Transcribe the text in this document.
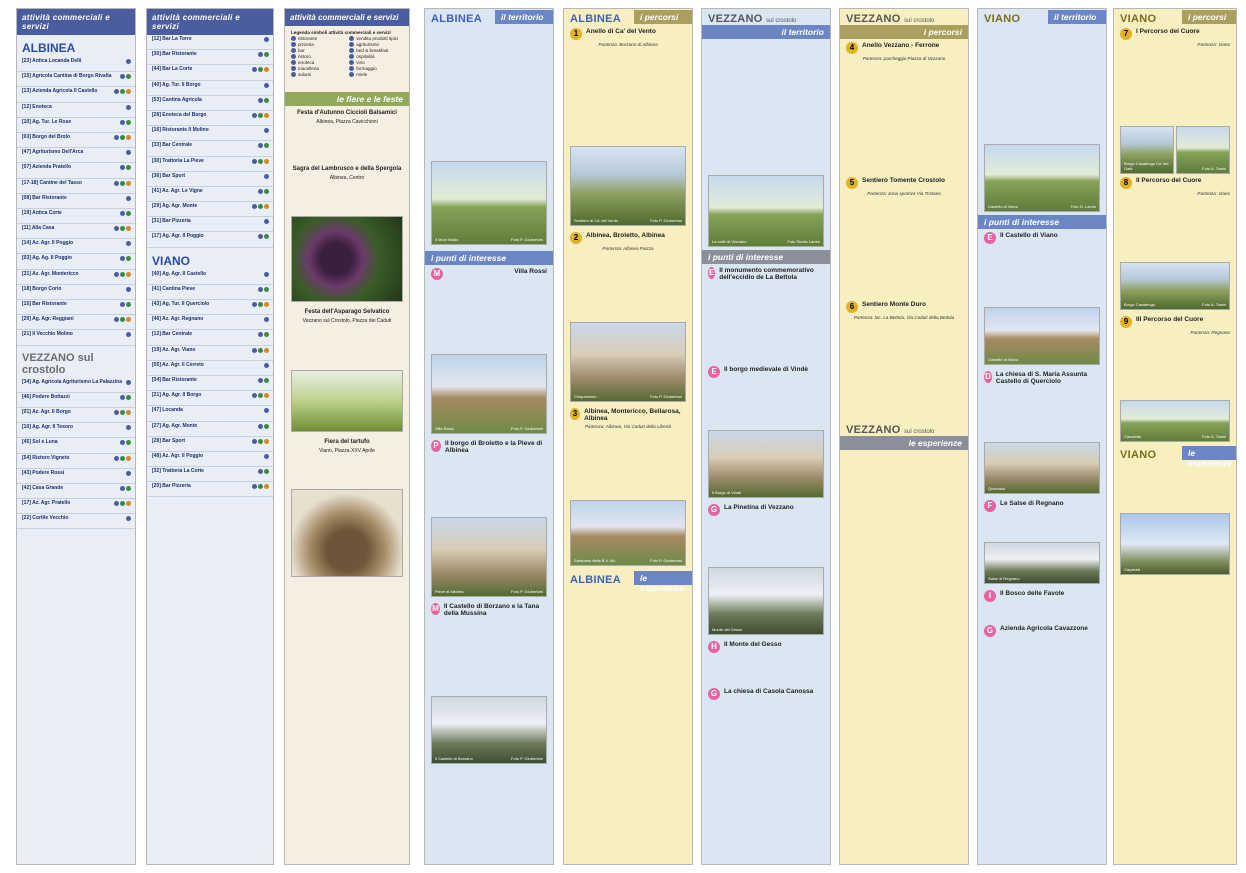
attività commerciali e servizi
ALBINEA
[23] Antica Locanda Delli

[15] Agricola Cantina di Borgo Rivalta

[13] Azienda Agricola Il Castello

[12] Enoteca

[10] Ag. Tur. Le Rose

[03] Borgo del Brolo

[47] Agriturismo Dell'Arca

[07] Azienda Pratello

[17-18] Cantine del Tasso

[08] Bar Ristorante

[19] Antica Corte

[11] Alla Casa

[14] Az. Agr. Il Poggio

[03] Ag. Ag. Il Poggio

[31] Az. Agr. Montericco

[18] Borgo Corio

[15] Bar Ristorante

[20] Ag. Agr. Reggiani

[21] Il Vecchio Molino

VEZZANO sul crostolo
[34] Ag. Agricola Agriturismo La Palazzina

[46] Podere Bottazzi

[01] Az. Agr. Il Borgo

[10] Ag. Agr. Il Tesoro

[45] Sol e Luna

[54] Ristoro Vigneto

[43] Podere Rossi

[42] Casa Grande

[17] Az. Agr. Pratello

[22] Cortile Vecchio

attività commerciali e servizi
[12] Bar La Torre

[30] Bar Ristorante

[44] Bar La Corte

[40] Ag. Tur. Il Borgo

[53] Cantina Agricola

[28] Enoteca del Borgo

[16] Ristorante Il Molino

[33] Bar Centrale

[30] Trattoria La Pieve

[36] Bar Sport

[41] Az. Agr. Le Vigne

[29] Ag. Agr. Monte

[31] Bar Pizzeria

[17] Ag. Agr. Il Poggio

VIANO
[40] Ag. Agr. Il Castello

[41] Cantina Pieve

[43] Ag. Tur. Il Querciolo

[46] Az. Agr. Regnano

[12] Bar Centrale

[19] Az. Agr. Viano

[05] Az. Agr. Il Cerreto

[34] Bar Ristorante

[21] Ag. Agr. Il Borgo

[47] Locanda

[27] Ag. Agr. Monte

[28] Bar Sport

[48] Az. Agr. Il Poggio

[32] Trattoria La Corte

[20] Bar Pizzeria

attività commerciali e servizi
Legenda simboli attività commerciali e servizi
ristorante	vendita prodotti tipici
pizzeria	agriturismo
bar	bed & breakfast
ristoro	ospitalità
enoteca	vino
macelleria	formaggio
salumi	miele

le fiere e le feste
Festa d'Autunno Ciccioli Balsamici
Albinea, Piazza Cavicchioni

Sagra del Lambrusco e della Spergola
Albinea, Centro

Festa dell'Asparago Selvatico
Vezzano sul Crostolo, Piazza dei Caduti

Fiera del tartufo
Viano, Piazza XXV Aprile

ALBINEA	il territorio

Il Mont Baldo	Foto P. Giubertoni
i punti di interesse
M	Villa Rossi

Villa Rossi	Foto P. Giubertoni
P Il borgo di Broletto e la Pieve di Albinea

Pieve di Albinea	Foto P. Giubertoni
M Il Castello di Borzano e la Tana della Mussina

Il Castello di Borzano	Foto P. Giubertoni
ALBINEA	i percorsi
1	Anello di Ca' del Vento
Partenza: Borzano di Albinea

Sentiero di Ca' del Vento	Foto P. Giubertoni
2	Albinea, Broletto, Albinea
Partenza: Albinea Piazza

Cinquecento	Foto P. Giubertoni
3	Albinea, Montericco, Bellarosa, Albinea
Partenza: Albinea, Via Caduti della Libertà

Santuario della B.V. Ab.	Foto P. Giubertoni
ALBINEA	le esperienze

VEZZANO sul crostolo
il territorio

La valle di Vezzano	Foto Studio Lamm
i punti di interesse
E Il monumento commemorativo dell'eccidio de La Bettola

E	Il borgo medievale di Vindè

Il Borgo di Vindè
G	La Pinetina di Vezzano

Monte del Gesso
H	Il Monte del Gesso

G	La chiesa di Casola Canossa

VEZZANO sul crostolo
i percorsi
4	Anello Vezzano - Ferrone
Partenza: parcheggio Piazza di Vezzano

5	Sentiero Tomente Crostolo
Partenza: zona sportiva Via Tristano

6	Sentiero Monte Duro
Partenza: loc. La Bettola, Via Caduti della Bettola

VEZZANO sul crostolo
le esperienze

VIANO	il territorio

Castello di Viano	Foto G. Lamio
i punti di interesse
E	Il Castello di Viano

Castello di Viano
D La chiesa di S. Maria Assunta Castello di Querciolo

Querciolo
F	Le Salse di Regnano

Salse di Regnano
I	Il Bosco delle Favole

G	Azienda Agricola Cavazzone

VIANO	i percorsi
7	I Percorso del Cuore
Partenza: Viano

Borgo Casalengo Ca' dei Gatti	Foto A. Tosini
8	II Percorso del Cuore
Partenza: Viano

Borgo Casalengo	Foto A. Tosini
9	III Percorso del Cuore
Partenza: Regnano

Casoletta	Foto A. Tosini
VIANO	le esperienze

Carpineti
